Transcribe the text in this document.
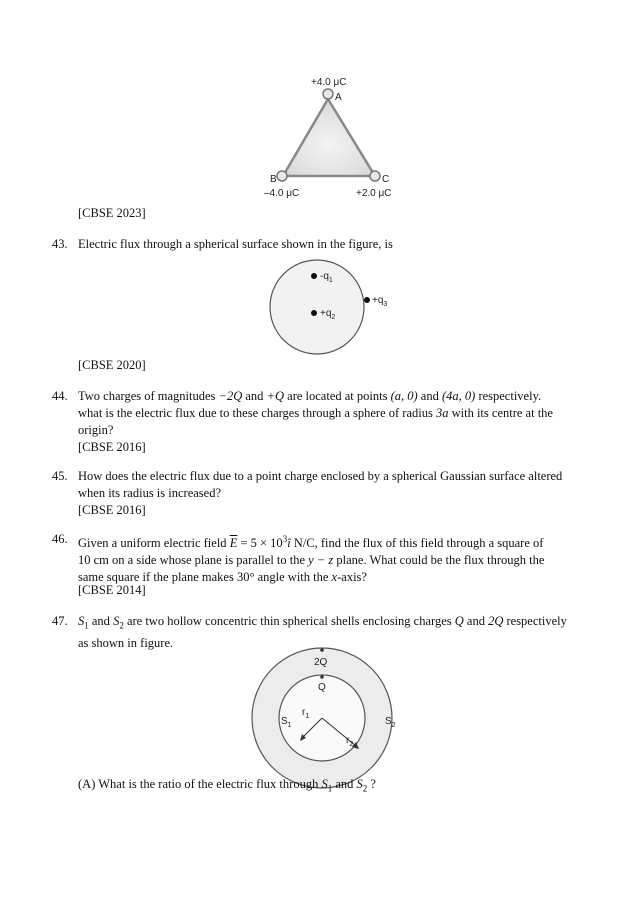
+4.0 μC
A
B
–4.0 μC
C
+2.0 μC
[CBSE 2023]
43. Electric flux through a spherical surface shown in the figure, is
$-q_1$
$+q_2$
$+q_3$
[CBSE 2020]
44. Two charges of magnitudes −2Q and +Q are located at points (a, 0) and (4a, 0) respectively.
what is the electric flux due to these charges through a sphere of radius 3a with its centre at the
origin?
[CBSE 2016]
45. How does the electric flux due to a point charge enclosed by a spherical Gaussian surface altered
when its radius is increased?
[CBSE 2016]
46. Given a uniform electric field $\overline{E} = 5$ × $10^3î$ N/C, find the flux of this field through a square of
10 cm on a side whose plane is parallel to the y − z plane. What could be the flux through the
same square if the plane makes 30° angle with the x-axis?
[CBSE 2014]
47. $S_1$ and $S_2$ are two hollow concentric thin spherical shells enclosing charges Q and 2Q respectively
as shown in figure.
2Q
Q
$r_1$
$r_2$
$S_1$	$S_2$
(A) What is the ratio of the electric flux through $S_1$ and $S_2$ ?
